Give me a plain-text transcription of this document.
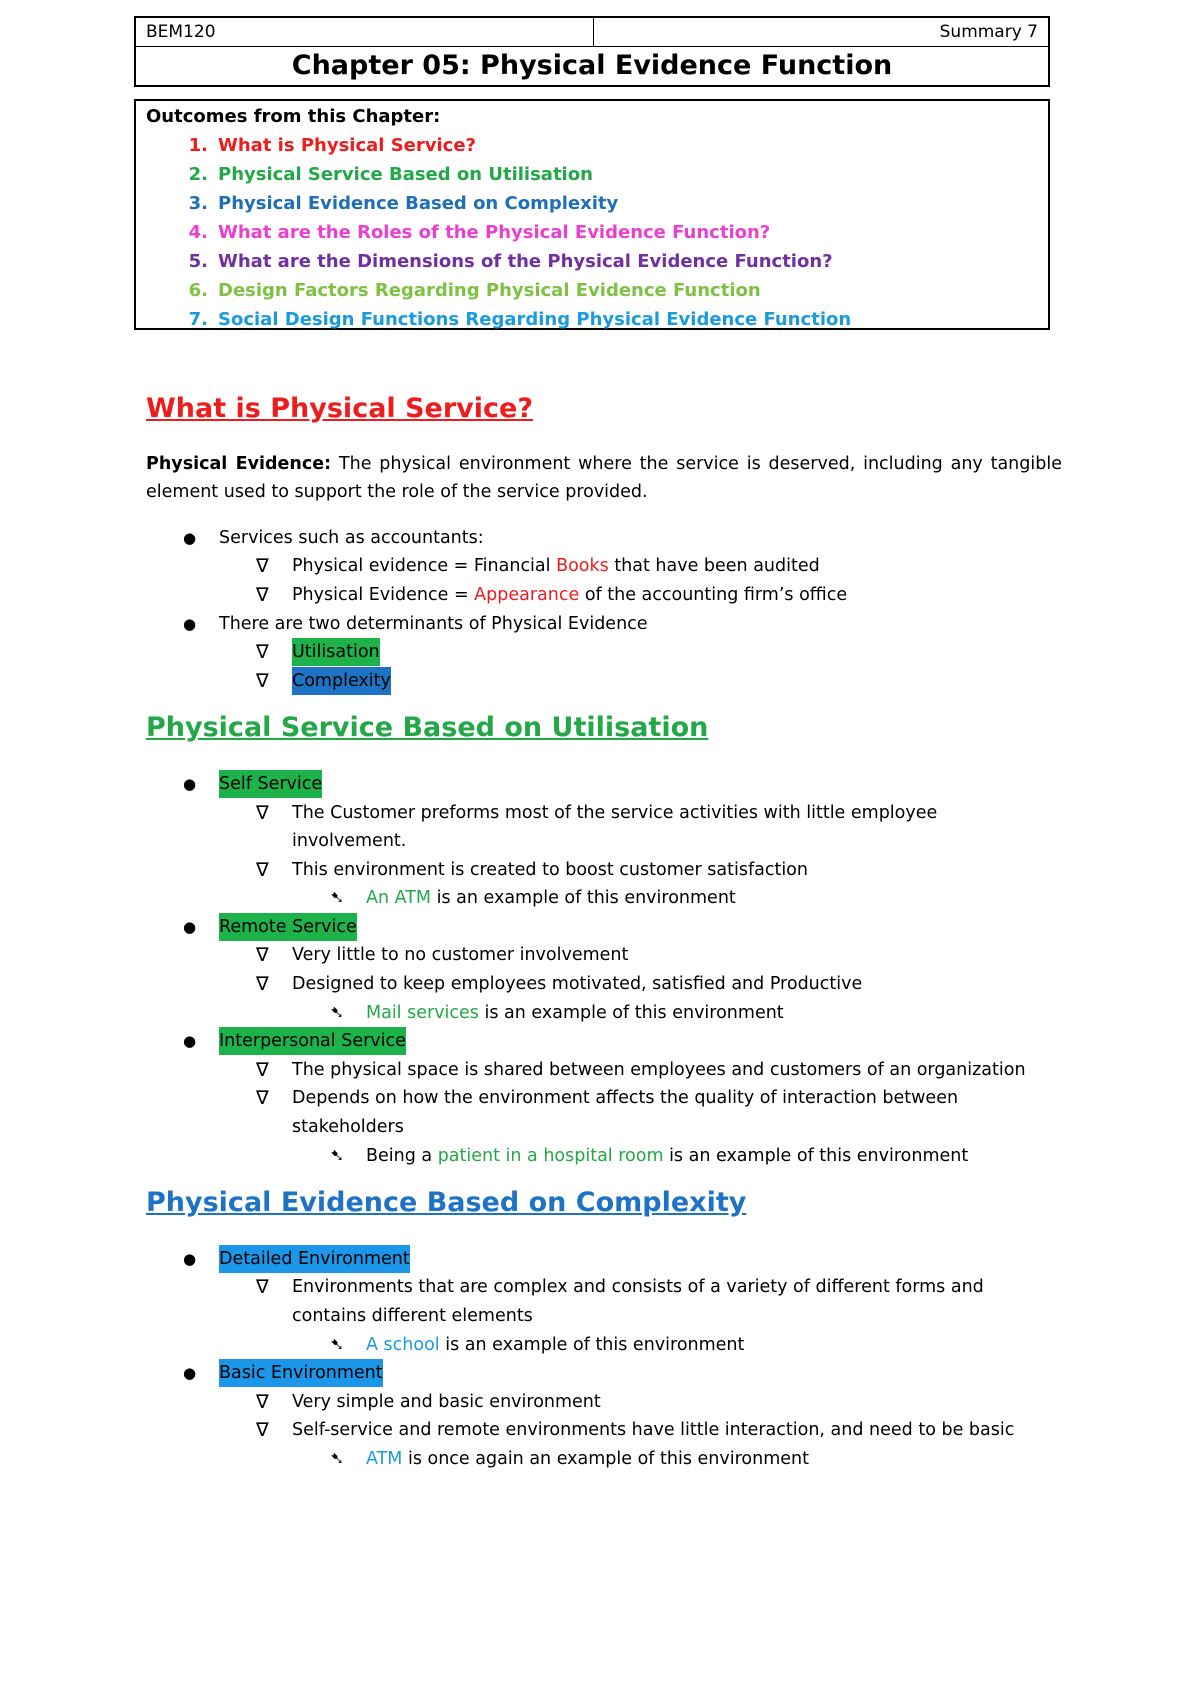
BEM120	Summary 7
Chapter 05: Physical Evidence Function
Outcomes from this Chapter:
1. What is Physical Service?
2. Physical Service Based on Utilisation
3. Physical Evidence Based on Complexity
4. What are the Roles of the Physical Evidence Function?
5. What are the Dimensions of the Physical Evidence Function?
6. Design Factors Regarding Physical Evidence Function
7. Social Design Functions Regarding Physical Evidence Function
What is Physical Service?
Physical Evidence: The physical environment where the service is deserved, including any tangible element used to support the role of the service provided.
● Services such as accountants:
∇ Physical evidence = Financial Books that have been audited
∇ Physical Evidence = Appearance of the accounting firm’s office
● There are two determinants of Physical Evidence
∇ Utilisation
∇ Complexity
Physical Service Based on Utilisation
● Self Service
∇ The Customer preforms most of the service activities with little employee
involvement.
∇ This environment is created to boost customer satisfaction
➷ An ATM is an example of this environment
● Remote Service
∇ Very little to no customer involvement
∇ Designed to keep employees motivated, satisfied and Productive
➷ Mail services is an example of this environment
● Interpersonal Service
∇ The physical space is shared between employees and customers of an organization
∇ Depends on how the environment affects the quality of interaction between
stakeholders
➷ Being a patient in a hospital room is an example of this environment
Physical Evidence Based on Complexity
● Detailed Environment
∇ Environments that are complex and consists of a variety of different forms and
contains different elements
➷ A school is an example of this environment
● Basic Environment
∇ Very simple and basic environment
∇ Self-service and remote environments have little interaction, and need to be basic
➷ ATM is once again an example of this environment
